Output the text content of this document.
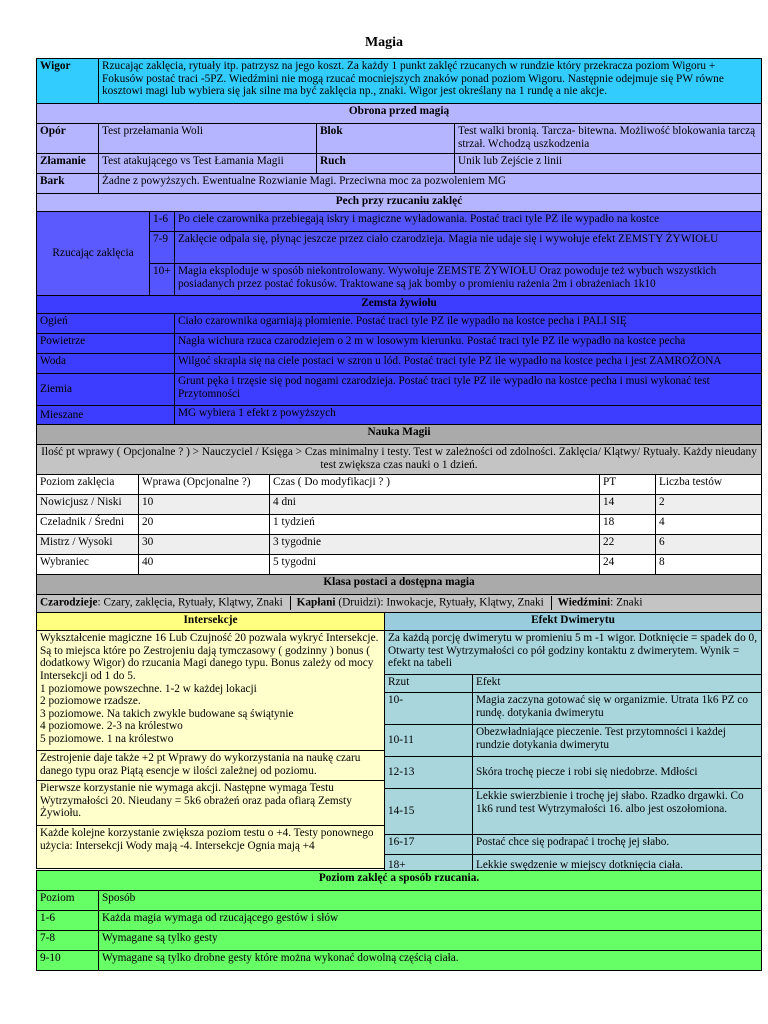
Magia
Wigor	Rzucając zaklęcia, rytuały itp. patrzysz na jego koszt. Za każdy 1 punkt zaklęć rzucanych w rundzie który przekracza poziom Wigoru + Fokusów postać traci -5PZ. Wiedźmini nie mogą rzucać mocniejszych znaków ponad poziom Wigoru. Następnie odejmuje się PW równe kosztowi magi lub wybiera się jak silne ma być zaklęcia np., znaki. Wigor jest określany na 1 rundę a nie akcje.		
Obrona przed magią			
Opór	Test przełamania Woli	Blok	Test walki bronią. Tarcza- bitewna. Możliwość blokowania tarczą strzał. Wchodzą uszkodzenia
Złamanie	Test atakującego vs Test Łamania Magii	Ruch	Unik lub Zejście z linii
Bark	Żadne z powyższych. Ewentualne Rozwianie Magi. Przeciwna moc za pozwoleniem MG		
Pech przy rzucaniu zaklęć		
Rzucając zaklęcia	1-6	Po ciele czarownika przebiegają iskry i magiczne wyładowania. Postać traci tyle PZ ile wypadło na kostce
	7-9	Zaklęcie odpala się, płynąc jeszcze przez ciało czarodzieja. Magia nie udaje się i wywołuje efekt ZEMSTY ŻYWIOŁU
	10+	Magia eksploduje w sposób niekontrolowany. Wywołuje ZEMSTE ŻYWIOŁU Oraz powoduje też wybuch wszystkich posiadanych przez postać fokusów. Traktowane są jak bomby o promieniu rażenia 2m i obrażeniach 1k10
Zemsta żywiołu		
Ogień		Ciało czarownika ogarniają płomienie. Postać traci tyle PZ ile wypadło na kostce pecha i PALI SIĘ
Powietrze		Nagła wichura rzuca czarodziejem o 2 m w losowym kierunku. Postać traci tyle PZ ile wypadło na kostce pecha
Woda		Wilgoć skrapla się na ciele postaci w szron u lód. Postać traci tyle PZ ile wypadło na kostce pecha i jest ZAMROŻONA
Ziemia		Grunt pęka i trzęsie się pod nogami czarodzieja. Postać traci tyle PZ ile wypadło na kostce pecha i musi wykonać test Przytomności
Mieszane		MG wybiera 1 efekt z powyższych
Nauka Magii				
Ilość pt wprawy ( Opcjonalne ? ) > Nauczyciel / Księga > Czas minimalny i testy. Test w zależności od zdolności. Zaklęcia/ Klątwy/ Rytuały. Każdy nieudany test zwiększa czas nauki o 1 dzień.				
Poziom zaklęcia	Wprawa (Opcjonalne ?)	Czas ( Do modyfikacji ? )	PT	Liczba testów
Nowicjusz / Niski	10	4 dni	14	2
Czeladnik / Średni	20	1 tydzień	18	4
Mistrz / Wysoki	30	3 tygodnie	22	6
Wybraniec	40	5 tygodni	24	8
Klasa postaci a dostępna magia				
Czarodzieje: Czary, zaklęcia, Rytuały, Klątwy, Znaki Kapłani (Druidzi): Inwokacje, Rytuały, Klątwy, Znaki Wiedźmini: Znaki				
Intersekcje
Wykształcenie magiczne 16 Lub Czujność 20 pozwala wykryć Intersekcje. Są to miejsca które po Zestrojeniu dają tymczasowy ( godzinny ) bonus ( dodatkowy Wigor) do rzucania Magi danego typu. Bonus zależy od mocy Intersekcji od 1 do 5.
1 poziomowe powszechne. 1-2 w każdej lokacji
2 poziomowe rzadsze.
3 poziomowe. Na takich zwykle budowane są świątynie
4 poziomowe. 2-3 na królestwo
5 poziomowe. 1 na królestwo
Zestrojenie daje także +2 pt Wprawy do wykorzystania na naukę czaru danego typu oraz Piątą esencje w ilości zależnej od poziomu.
Pierwsze korzystanie nie wymaga akcji. Następne wymaga Testu Wytrzymałości 20. Nieudany = 5k6 obrażeń oraz pada ofiarą Zemsty Żywiołu.
Każde kolejne korzystanie zwiększa poziom testu o +4. Testy ponownego użycia: Intersekcji Wody mają -4. Intersekcje Ognia mają +4
Efekt Dwimerytu	
Za każdą porcję dwimerytu w promieniu 5 m -1 wigor. Dotknięcie = spadek do 0, Otwarty test Wytrzymałości co pół godziny kontaktu z dwimerytem. Wynik = efekt na tabeli	
Rzut	Efekt
10-	Magia zaczyna gotować się w organizmie. Utrata 1k6 PZ co rundę. dotykania dwimerytu
10-11	Obezwładniające pieczenie. Test przytomności i każdej rundzie dotykania dwimerytu
12-13	Skóra trochę piecze i robi się niedobrze. Mdłości
14-15	Lekkie swierzbienie i trochę jej słabo. Rzadko drgawki. Co 1k6 rund test Wytrzymałości 16. albo jest oszołomiona.
16-17	Postać chce się podrapać i trochę jej słabo.
18+	Lekkie swędzenie w miejscy dotknięcia ciała.
Poziom zaklęć a sposób rzucania.	
Poziom	Sposób
1-6	Każda magia wymaga od rzucającego gestów i słów
7-8	Wymagane są tylko gesty
9-10	Wymagane są tylko drobne gesty które można wykonać dowolną częścią ciała.
